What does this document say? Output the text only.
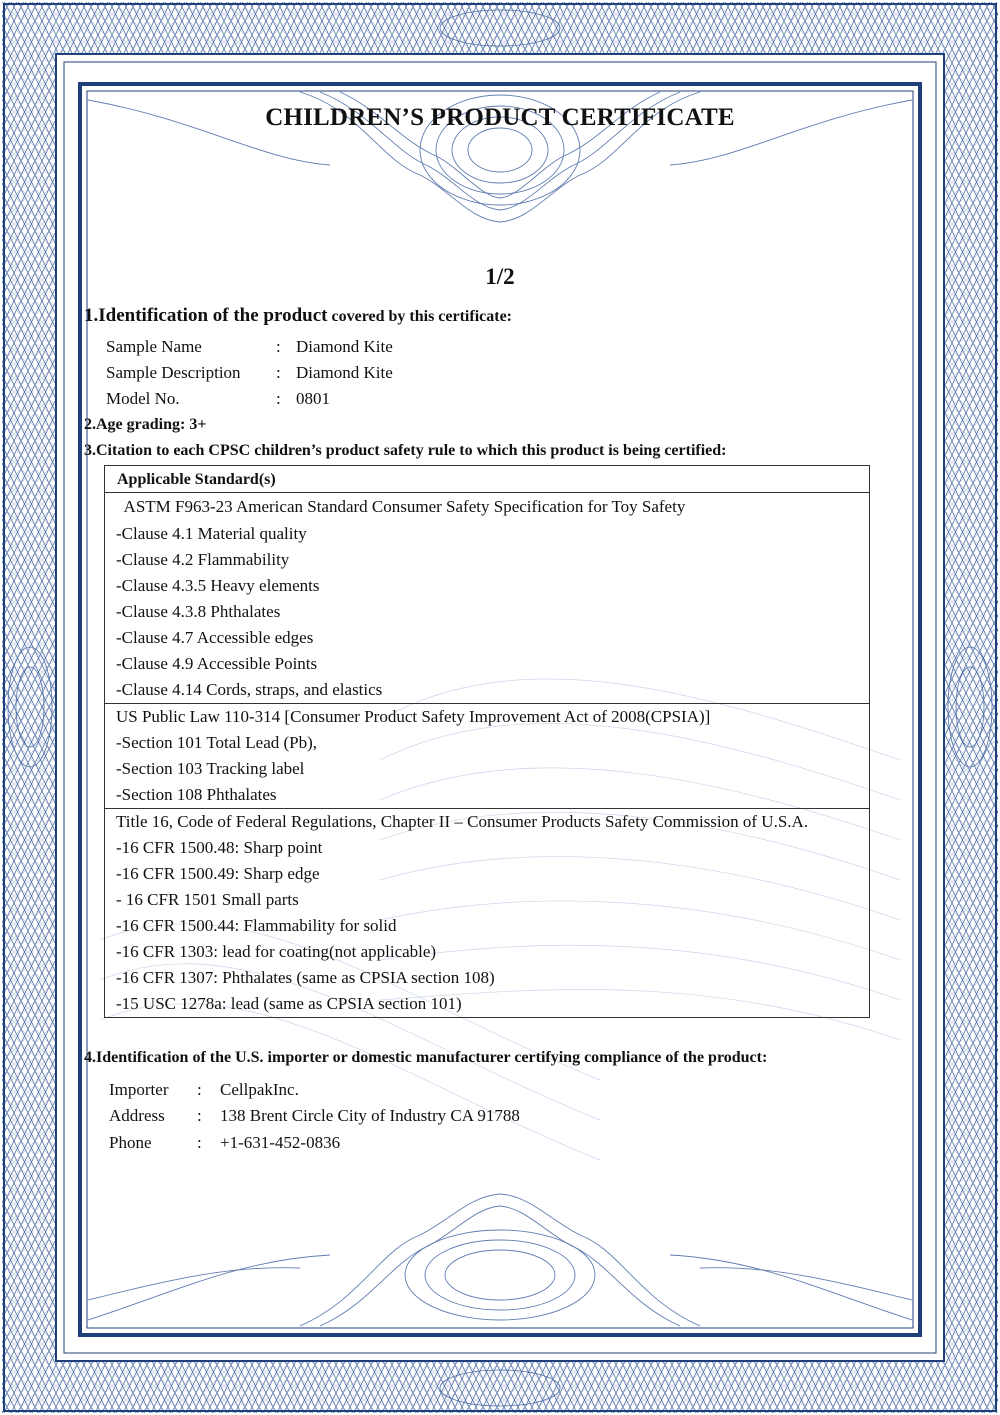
CHILDREN’S PRODUCT CERTIFICATE
1/2
1.Identification of the product covered by this certificate:
Sample Name	: Diamond Kite
Sample Description : Diamond Kite
Model No.	: 0801
2.Age grading: 3+
3.Citation to each CPSC children’s product safety rule to which this product is being certified:
Applicable Standard(s)
ASTM F963-23 American Standard Consumer Safety Specification for Toy Safety
-Clause 4.1 Material quality
-Clause 4.2 Flammability
-Clause 4.3.5 Heavy elements
-Clause 4.3.8 Phthalates
-Clause 4.7 Accessible edges
-Clause 4.9 Accessible Points
-Clause 4.14 Cords, straps, and elastics
US Public Law 110-314 [Consumer Product Safety Improvement Act of 2008(CPSIA)]
-Section 101 Total Lead (Pb),
-Section 103 Tracking label
-Section 108 Phthalates
Title 16, Code of Federal Regulations, Chapter II – Consumer Products Safety Commission of U.S.A.
-16 CFR 1500.48: Sharp point
-16 CFR 1500.49: Sharp edge
- 16 CFR 1501 Small parts
-16 CFR 1500.44: Flammability for solid
-16 CFR 1303: lead for coating(not applicable)
-16 CFR 1307: Phthalates (same as CPSIA section 108)
-15 USC 1278a: lead (same as CPSIA section 101)
4.Identification of the U.S. importer or domestic manufacturer certifying compliance of the product:
Importer : CellpakInc.
Address : 138 Brent Circle City of Industry CA 91788
Phone	: +1-631-452-0836
